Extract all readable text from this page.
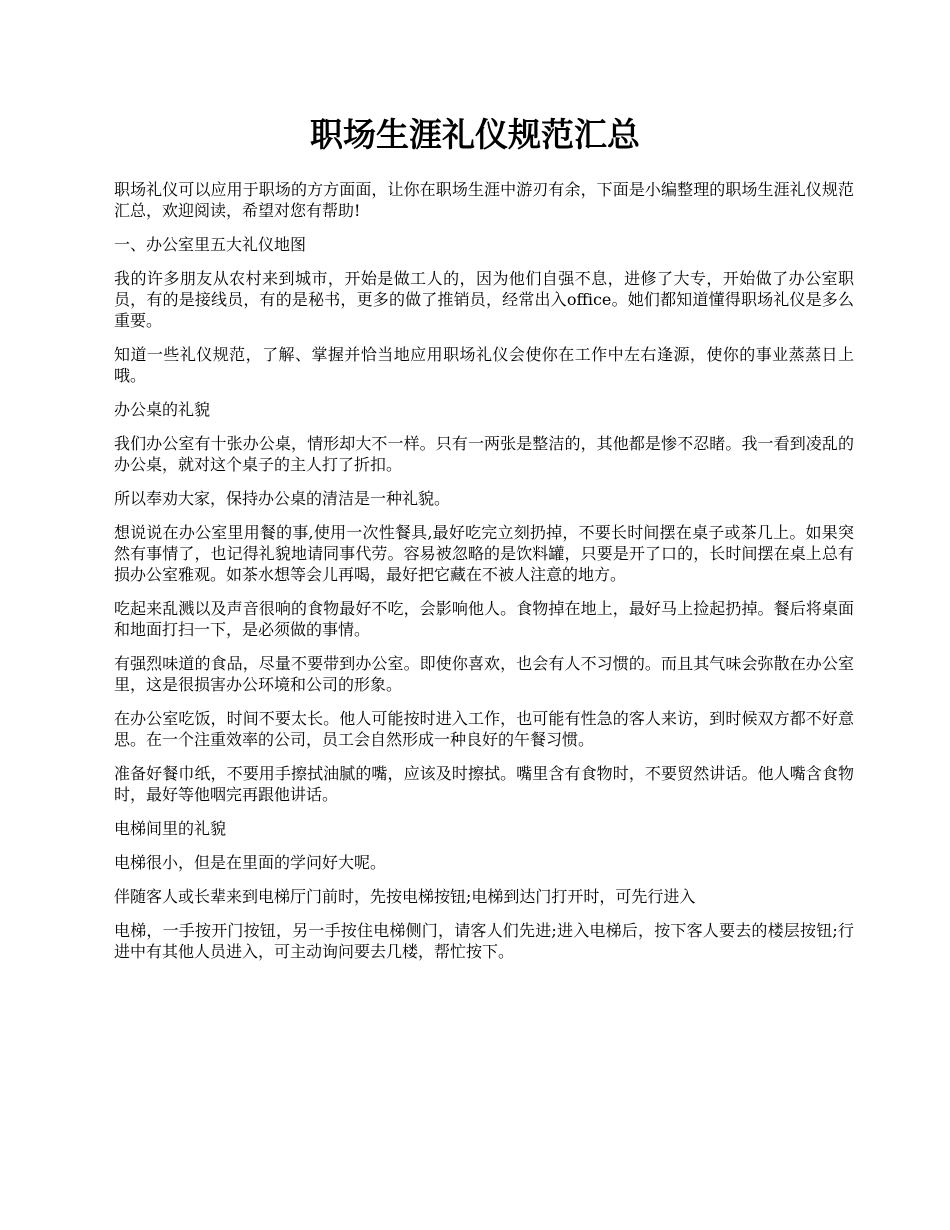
职场生涯礼仪规范汇总

职场礼仪可以应用于职场的方方面面，让你在职场生涯中游刃有余，下面是小编整理的职场生涯礼仪规范汇总，欢迎阅读，希望对您有帮助!

一、办公室里五大礼仪地图

我的许多朋友从农村来到城市，开始是做工人的，因为他们自强不息，进修了大专，开始做了办公室职员，有的是接线员，有的是秘书，更多的做了推销员，经常出入office。她们都知道懂得职场礼仪是多么重要。

知道一些礼仪规范，了解、掌握并恰当地应用职场礼仪会使你在工作中左右逢源，使你的事业蒸蒸日上哦。

办公桌的礼貌

我们办公室有十张办公桌，情形却大不一样。只有一两张是整洁的，其他都是惨不忍睹。我一看到凌乱的办公桌，就对这个桌子的主人打了折扣。

所以奉劝大家，保持办公桌的清洁是一种礼貌。

想说说在办公室里用餐的事,使用一次性餐具,最好吃完立刻扔掉，不要长时间摆在桌子或茶几上。如果突然有事情了，也记得礼貌地请同事代劳。容易被忽略的是饮料罐，只要是开了口的，长时间摆在桌上总有损办公室雅观。如茶水想等会儿再喝，最好把它藏在不被人注意的地方。

吃起来乱溅以及声音很响的食物最好不吃，会影响他人。食物掉在地上，最好马上捡起扔掉。餐后将桌面和地面打扫一下，是必须做的事情。

有强烈味道的食品，尽量不要带到办公室。即使你喜欢，也会有人不习惯的。而且其气味会弥散在办公室里，这是很损害办公环境和公司的形象。

在办公室吃饭，时间不要太长。他人可能按时进入工作，也可能有性急的客人来访，到时候双方都不好意思。在一个注重效率的公司，员工会自然形成一种良好的午餐习惯。

准备好餐巾纸，不要用手擦拭油腻的嘴，应该及时擦拭。嘴里含有食物时，不要贸然讲话。他人嘴含食物时，最好等他咽完再跟他讲话。

电梯间里的礼貌

电梯很小，但是在里面的学问好大呢。

伴随客人或长辈来到电梯厅门前时，先按电梯按钮;电梯到达门打开时，可先行进入

电梯，一手按开门按钮，另一手按住电梯侧门，请客人们先进;进入电梯后，按下客人要去的楼层按钮;行进中有其他人员进入，可主动询问要去几楼，帮忙按下。
